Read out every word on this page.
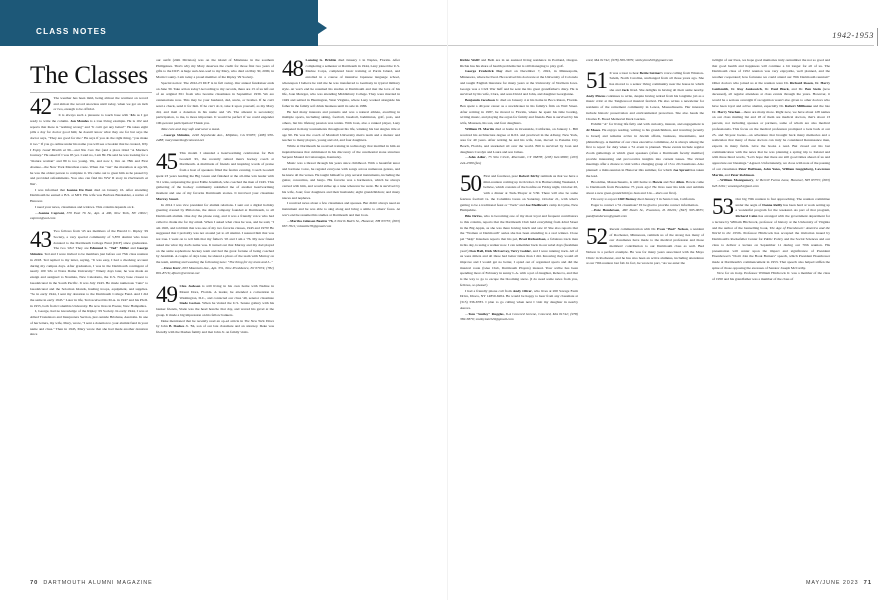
CLASS NOTES	1942-1953
The Classes

42 The weather has been mild, being almost the warmest on record and almost the record snowless until today, when we got an inch or two, enough to be official.

It is always such a pleasure to touch base with '42s as I get ready to write the column. Jon Mendes is a true living example. He is 102 and reports that there is "nothing wrong" and "it can't get any better!" He takes eight pills a day for doctor good him; he doesn't know what they are for but says the doctor says, "They are good for me." He says if you do the right thing, "you make it too." If you go online under his name you will see a booklet that he created, Why I Enjoy Good Health at 96—and You Can Too (and a place titled "A Marine's Journey." He asked if I was 95 yet. I said no, I am 89. He said he was looking for a "mature woman" and 89 is too young. We, and now I, live on 78th and First Avenue—the New York Marathon route. When Jon "ran" the marathon at age 96, he was the oldest person to complete it. We came out to greet him as he passed by and provided refreshments. You also can find his WW II story in Dartmouth at War.

I was informed that Ioanna Du Pont died on January 16. After attending Dartmouth he earned a B.S. at MIT. His wife was Barbara Batzkelder, a native of Hanover.

I need your news, classmates and widows. This column depends on it.

—Joanna Caproni, 370 East 76 St., Apt. A 406, New York, NY 10021; caproni@aol.com

43 Two fellows from '43 are members of the Harold C. Ripley '29 Society, a very special community of 5,870 alumni who have donated to the Dartmouth College Fund (DCF) since graduation. The two '43s? They are Edmund S. "Ted" Miller and George Shimizu. Ted and I were invited to be members just before our 75th class reunion in 2018. Ted replied to my letter, saying, "It was easy, I had a checking account during my campus days. After graduation, I was in the Dartmouth contingent of nearly 100 '43s at Notre Dame University." Ninety days later, he was made an ensign and assigned to Nouméa, New Caledonia, the U.S. Navy base closest to Guadalcanal in the South Pacific. It was July 1943. He made numerous "runs" to Guadalcanal and the Solomon Islands, hauling troops, equipment, and supplies. "So in early 1944, I sent my donation to the Dartmouth College Fund. And I did the same in early 1945." Later in life, Ted received his M.A. in 1947 and his Ph.D. in 1955, both from Columbia University. He now lives in Exeter, New Hampshire.

I, George, had no knowledge of the Ripley '29 Society. In early 1944, I was at Allied Translators and Interpreters Section, just outside Brisbane, Australia. In one of her letters, my wife, Mary, wrote, "I sent a donation to your alumni fund in your name and class." Then in 1945, Mary wrote that she had made another donation since

our outfit (24th Division) was on the island of Mindanao in the southern Philippines. That's why my Mary deserves the credit for those first two years of gifts to the DCF. A huge wah-hoo-wah to my Mary, who died on May 30, 2000, in Marin County. I am today a proud member of the Ripley '29 Society.

Special notice: The 2022-23 DCF is in full swing. Our annual fundraiser ends on June 30. Take action today! According to my records, there are 13 of us left out of an original 651 frosh who became classmates in September 1939. We are centenarians now. This may be your husband, dad, uncle, or brother. If he can't send a check, send it for him. If he can't do it, take it upon yourself, as my Mary did, and mail a donation in his name and '43. The amount is secondary; participation, to me, is more important. It would be perfect if we could engender 100-percent participation! Thank you.

Take care and stay safe and wear a mask.

—George Shimizu, 2240 Sepulveda Ave., Milpitas, CA 95035; (408) 930-2488; marysmariko@comcast.net

45 This month I attended a heartwarming celebration for Bob Goodell '45, the recently retired men's hockey coach at Dartmouth. A multitude of friends and inspiring words of praise from a host of speakers filled the festive evening. Coach Goodell spent 23 years leading the Big Green and finished at the all-time win leader with 311 wins, surpassing the great Eddie Jeremiah, who coached the men of 1945. This gathering of the hockey community rekindled me of another heartwarming moment and one of my favorite Dartmouth stories. It involved your classmate Murray Smart.

In 2014 I was vice president for alumni relations. I sent out a digital holiday greeting created by Philotolus, the dance company founded at Dartmouth, to all Dartmouth alumni. One day the phone rang, and it was a friendly voice who had called to thank me for my email. When I asked what class he was, and he said, "I am 1945, and told him that was one of my two favorite classes, 1945 and 1979! He suggested that I probably was not around yet to all alumni. I assured him that was not true. I went on to tell him that my father's '45 and I am a '76. My new friend asked me what my dad's name was. It turned out that Murray and my dad played on the same sophomore hockey team and had the great fortune of being coached by Jeremiah. A couple of days later, he shared a photo of the team with Murray on the team, smiling and wearing the following note: "The thing for my team and I..."

—Dave Kurr, 603 Mountain Ave., Apt. 331, New Providence, NJ 07974; (781) 801-8716; djkurr@verizon.net

49 Cléo Jackson is still living in his own home with Nadine in Mount Dora, Florida. A leader, he attended a convention in Washington, D.C., and contacted our class '49, senator classmate Slade Gorton. When he visited the U.S. Senate gallery with his banker friends, Slade was the head honcho that day, and waved his gavel at the group. It made a big impression on his fellow bankers.

Deke mentioned that he recently read an op-ed article in The New York Times by John B. Dashes Jr. '84, son of our late classmate and an attorney. Deke was friendly with the Dashes family and met John Jr. on family visits.

48 Lansing G. Brisbin died January 1 in Naples, Florida. After completing a semester at Dartmouth in 1944, Lany joined the U.S. Marine Corps, completed basic training at Parris Island, and enrolled in a course of intensive Japanese language school, whereupon I believe he told me he was transferred to Germany in typical military style. At war's end he resumed his studies at Dartmouth and met the love of his life, Joan Metzger, who was attending Middlebury College. They were married in 1949 and settled in Huntington, West Virginia, where Lany worked alongside his father in the family soft drink business until its sale in 1986.

He had many interests and pursuits and was a natural athlete, excelling in multiple sports, including skiing, football, baseball, badminton, golf, polo, and others, but his lifelong passion was tennis. With Joan, also a ranked player, Lany competed in many tournaments throughout his life, winning his last singles title at age 90. He was the coach of Marshall University men's team and a mentor and teacher to many players, young and old, and four daughters.

While at Dartmouth he received training in technology that instilled in him an inquisitiveness that culminated in his discovery of the ceremonial stone structure Serpent Mound in Cattaraugus, Kentucky.

Music was a thread through his years since childhood. With a beautiful tenor and baritone voice, he regaled everyone with songs across numerous genres, and he knew all the verses. He taught himself to play several instruments, including the guitar, concertina, and banjo. His favorite was a harmonica, which he always carried with him, and would strike up a tune wherever he went. He is survived by his wife, Joan; four daughters and their husbands; eight grandchildren; and many nieces and nephews.

I received news about a few classmates and spouses. But didn't always need an instrument and he was able to sing along and bring a smile to others' faces. At war's end he resumed his studies at Dartmouth and met Joan.

—Martha Johnson Beattie '76, 6 North Balch St., Hanover, NH 03755; (603) 667-7611; mbeattie76@gmail.com

Richie Wolff and Beth are in an assisted living residence in Portland, Oregon. Richie has his share of health problems but is still managing to play golf.

George Frederick Day died on December 7, 2022, in Minneapolis, Minnesota, where he lived. He received his doctorate at the University of Colorado and taught English literature for many years at the University of Northern Iowa. George was a Civil War buff and he sent me his great grandfather's diary. He is survived by his wife, Clara, and sons David and John, and daughter Georgianne.

Benjamin Jacobson Jr. died on January 4 at his home in Boca Raton, Florida. Ben spent a 40-year career as a stockbroker in his family's firm on Wall Street. After retiring in 1987, he moved to Florida, where he spent his time boating, writing music, and playing the organ for family and friends. Ben is survived by his wife, Maureen, his son, and four daughters.

William H. Martin died at home in Oceanside, California, on January 1. Bill received his architecture degree at R.P.I. and practiced in the Albany, New York, area for 40 years. After retiring he and his wife, Joan, moved to Panama City Beach, Florida, and snorkeled all over the world. Bill is survived by Joan and daughters Carolyn and Laura and son James.

—John Adler, 75 Silo Circle, Riverside, CT 06878; (203) 622-9089; (203) 244-2580 (fax)

50 First and foremost, prez Robert Kirby reminds us that we have a mini-reunion coming up in October. It is Homecoming Weekend, I believe, which consists of the bonfire on Friday night, October 20, with a dinner at Tuck-Thayer at 5:30. There will also be some fearless football vs. the Columbia Lions on Saturday, October 21, with what's getting to be a traditional feast or "Tuck" and Joe Medlicott's camp in Lyme, New Hampshire.

Bilo DeVos, who is becoming one of my most loyal and frequent contributors to this column, reports that the Dartmouth Club held everything from 42nd Street in the Big Apple, as she was there having lunch and saw it! She also reports that the "Women at Dartmouth" series she has been attending is a real winner. Close pal "Skip" Knudsen reports that his pal, Brad Richardson, a fabulous track man in his day, is using a walker now. I can remember back in our salad days (freshman year!) Don Hall, Dick McGarvey, Terry Golder, and I were running track. All of us were milers and all three had better times than I did. Knowing they would all improve and I would get no better, I opted out of organized sports and did the musical route (Glee Club, Dartmouth Players) instead. Your scribe has been spending most of February in sunny L.A. with a pal of daughter, Rebecca, and that is the way to go to escape the blooming snow. (I do need some news from you, fellows, so please!)

I had a friendly phone call from Andy Oliver, who lives at 200 Savage Farm Drive, Ithaca, NY 14850-6204. He would be happy to hear from any classmate at (315) 336-6783. I plan to go calling when next I visit my daughter in nearby Aurora.

—Tom "Smiley" Ruggles, 8-A Concord Greene, Concord, MA 01742; (978) 369-5879; smileytom329@gmail.com

cord, MA 01742; (978) 369-5879; smileytom329@gmail.com

51 It was a treat to hear Bettie Suttner's voice calling from Winston-Salem, North Carolina, unchanged from all those years ago. She has moved to a senior living community near the house in which she and Jack lived. She delights in having all their same nearby. Andy Pincus continues to write, despite having retired from his longtime job as a music critic at the Tanglewood musical festival. He also writes a newsletter for residents of the retirement community in Lenox, Massachusetts. Her interests include historic preservation and environmental protection. She also heads the Charles E. Breed Memorial Deck Garden.

Exhibit "A" for living life fully and with curiosity, interest, and engagement is Al Moses. He enjoys reading, writing to his grandchildren, and traveling (scantly to Israel) and remains active in Jewish affairs, business, investments, and philanthropy. A member of our class executive committee, Al is always among the first to report for duty when a '51 event is planned. These events include regular Zoom gatherings at which great speakers (often a Dartmouth faculty member) provide interesting and provocative insights into current issues. The virtual meetings offer a chance to visit with a changing group of 15 to 20 classmates. Also planned: a mini-reunion in Hanover this summer, for which Joe Sproul has taken the lead.

Brookline, Massachusetts, is still home to Howie and Nat Allen. Howie came to Dartmouth from Brookline 75 years ago! He lives near his kids and submits about a new great-grandchild (as Jean and I do—she's our first).

I'm sorry to report Cliff Barney died January 3 in Santa Cruz, California.

Eager to contact a '51 classmate? I'd be glad to provide contact information.

—Pete Henderson, 480 Davis St., Evanston, IL 60201; (847) 905-0635; pandjhenderson@gmail.com

52 Recent communication with Dr. Evan "Bud" Nelson, a resident of Rochester, Minnesota, reminds us of the strong ties many of our classmates have made to the medical profession and those members' contribution to our Dartmouth class as well. Bud Nelson is a perfect example. He was for many years associated with the Mayo Clinic in Rochester, and he has also been an active alumnus, including attendance at our 70th reunion last fall. In fact, he wrote in part, "As we enter the

twilight of our lives, we hope good memories truly outnumber the not so good and that good health and happiness will continue a bit longer for all of us. The Dartmouth class of 1952 reunion was very enjoyable, well planned, and the weather cooperated; how fortunate we could attend our 70th Dartmouth reunion!" Other doctors who joined us at the reunion were Dr. Richard Rosen, Dr. Harry Goldsmith, Dr. Roy Jankowich, Dr. Paul Black, and Dr. Ben Stein (now deceased), all regular attendees at class events through the years. However, it would be a serious oversight if recognition wasn't also given to other doctors who have been loyal and active alumni, especially Dr. Robert Millhouse and the late Dr. Harry Wachen—there are many more. Right now, we have about 128 names on our class mailing list and 18 of them are medical doctors, that's about 13 percent, not including spouses or partners, some of whom are also medical professionals. This focus on the medical profession prompted a look back at our 25- and 50-year books—an adventure that brought back many memories and a realization that many of these doctors can truly be considered Renaissance men, experts in many fields. Give the books a read. But closed out his last communication with the news that he was planning a spring trip to Ireland and with three hired words, "Let's hope that there are still good times ahead of us and appreciate our blessings." Agreed. Unfortunately, we close with note of the passing of our classmates Peter Hoffman, John Yates, William Guggisberg, Lawrence Martin, and Peter Robinson.

—William Montgomery, 11 Berrill Farms Lane, Hanover, NH 03755; (603) 643-5261; wmontgo52@aol.com

53 Our big 70th reunion is fast approaching. The reunion committee under the aegis of Donna Reilly has been hard at work setting up a wonderful program for the weekend. As part of that program, Richard Cahn has arranged with the government department for a lecture by William Hitchcock, professor of history at the University of Virginia and the author of the bestselling book, The Age of Eisenhower: America and the World in the 1950s. Professor Hitchcock has accepted the invitation issued by Dartmouth's Rockefeller Center for Public Policy and the Social Sciences and our class to deliver a lecture on September 11 during our 70th reunion. His presentation will center upon the impact and significance of President Eisenhower's "Don't Join the Book Burners" speech, which President Eisenhower made at Dartmouth's commencement in 1953. That speech also helped stiffen the spine of those opposing the excesses of Senator Joseph McCarthy.

Now for an irony. Professor William Hitchcock Jr. was a member of the class of 1950 and his grandfather was a member of the class of

70 DARTMOUTH ALUMNI MAGAZINE	MAY/JUNE 2023 71
